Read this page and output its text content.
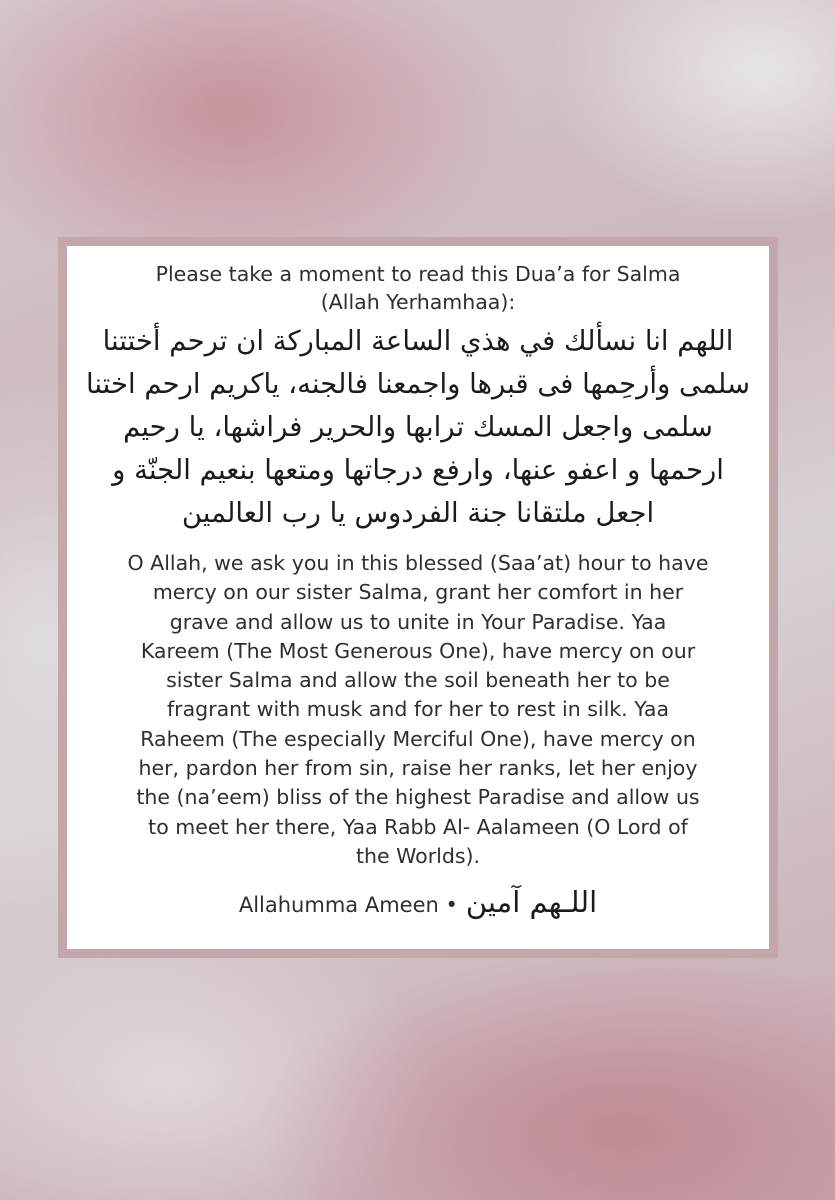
Please take a moment to read this Dua’a for Salma
(Allah Yerhamhaa):
اللهم انا نسألك في هذي الساعة المباركة ان ترحم أختتنا
سلمى وأرحِمها فى قبرها واجمعنا فالجنه، ياكريم ارحم اختنا
سلمى واجعل المسك ترابها والحرير فراشها، يا رحيم
ارحمها و اعفو عنها، وارفع درجاتها ومتعها بنعيم الجنّة و
اجعل ملتقانا جنة الفردوس يا رب العالمين
O Allah, we ask you in this blessed (Saa’at) hour to have
mercy on our sister Salma, grant her comfort in her
grave and allow us to unite in Your Paradise. Yaa
Kareem (The Most Generous One), have mercy on our
sister Salma and allow the soil beneath her to be
fragrant with musk and for her to rest in silk. Yaa
Raheem (The especially Merciful One), have mercy on
her, pardon her from sin, raise her ranks, let her enjoy
the (na’eem) bliss of the highest Paradise and allow us
to meet her there, Yaa Rabb Al- Aalameen (O Lord of
the Worlds).
Allahumma Ameen • اللـهم آمين
